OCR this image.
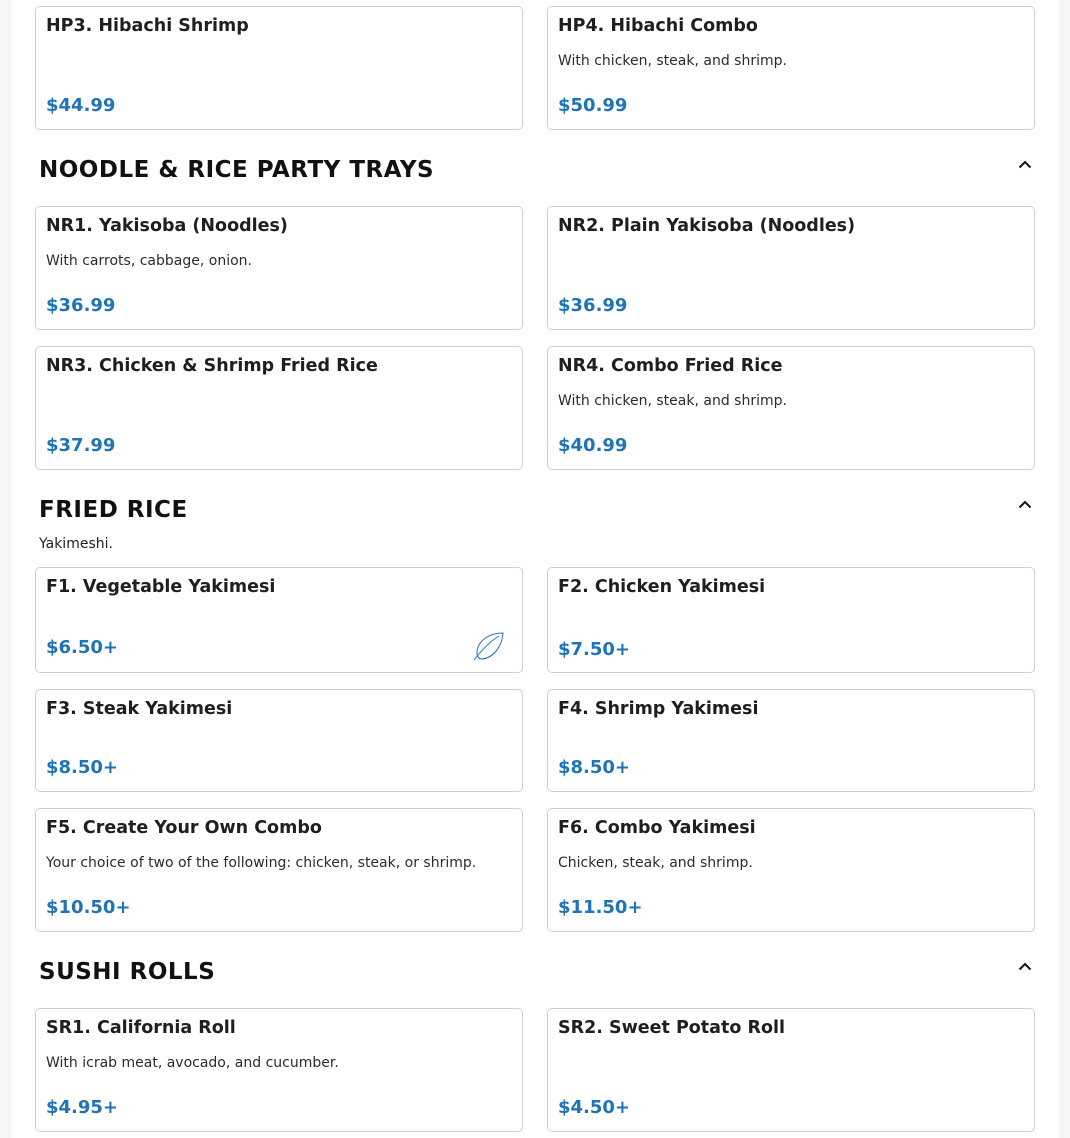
HP3. Hibachi Shrimp
$44.99
HP4. Hibachi Combo
With chicken, steak, and shrimp.
$50.99
NOODLE & RICE PARTY TRAYS
NR1. Yakisoba (Noodles)
With carrots, cabbage, onion.
$36.99
NR2. Plain Yakisoba (Noodles)
$36.99
NR3. Chicken & Shrimp Fried Rice
$37.99
NR4. Combo Fried Rice
With chicken, steak, and shrimp.
$40.99
FRIED RICE
Yakimeshi.
F1. Vegetable Yakimesi
$6.50+
F2. Chicken Yakimesi
$7.50+
F3. Steak Yakimesi
$8.50+
F4. Shrimp Yakimesi
$8.50+
F5. Create Your Own Combo
Your choice of two of the following: chicken, steak, or shrimp.
$10.50+
F6. Combo Yakimesi
Chicken, steak, and shrimp.
$11.50+
SUSHI ROLLS
SR1. California Roll
With icrab meat, avocado, and cucumber.
$4.95+
SR2. Sweet Potato Roll
$4.50+
